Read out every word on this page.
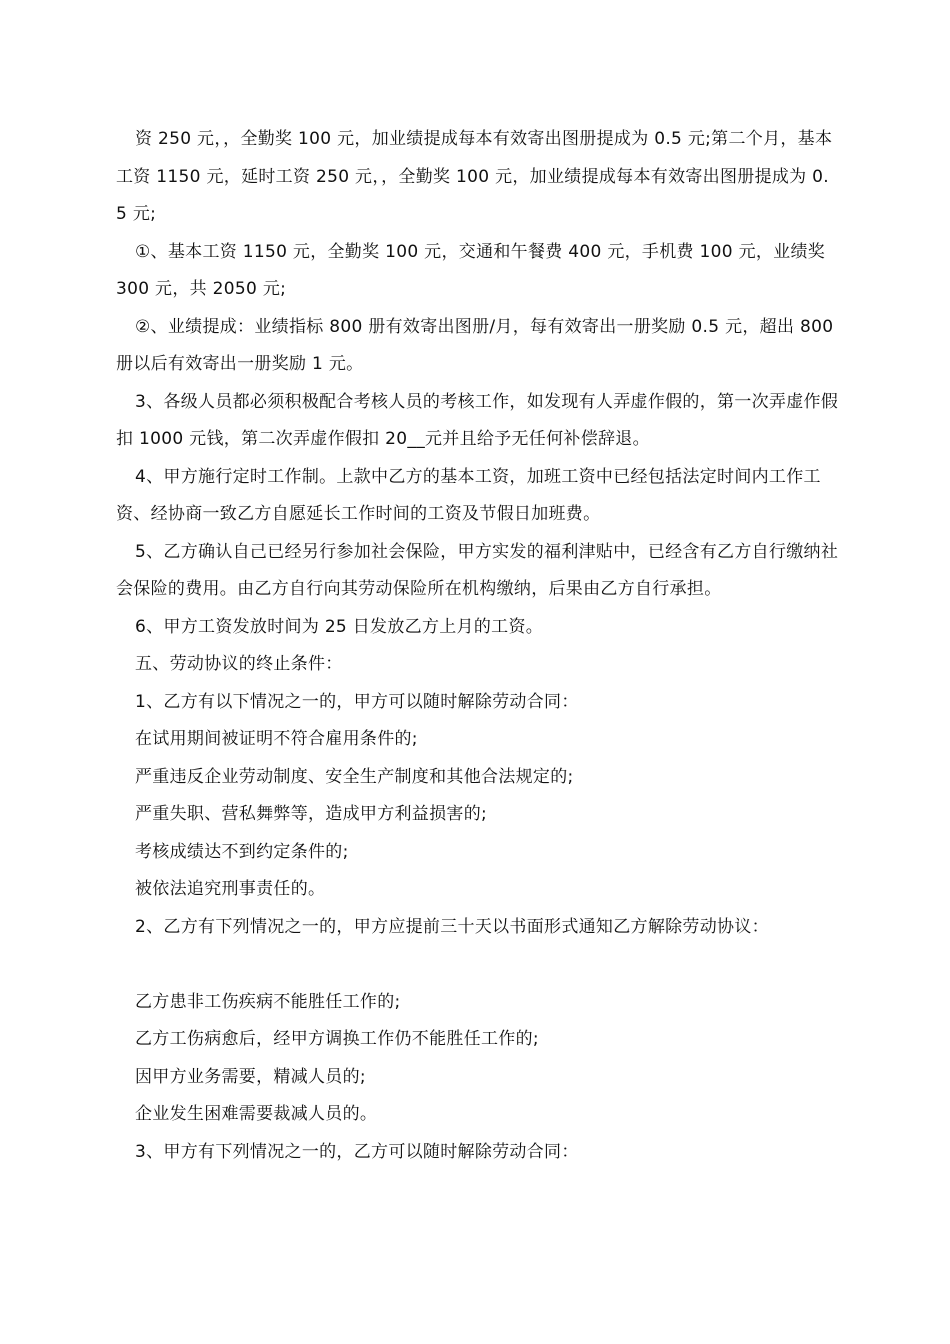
资 250 元，，全勤奖 100 元，加业绩提成每本有效寄出图册提成为 0.5 元;第二个月，基本工资 1150 元，延时工资 250 元，，全勤奖 100 元，加业绩提成每本有效寄出图册提成为 0.5 元;

①、基本工资 1150 元，全勤奖 100 元，交通和午餐费 400 元，手机费 100 元，业绩奖 300 元，共 2050 元;

②、业绩提成：业绩指标 800 册有效寄出图册/月，每有效寄出一册奖励 0.5 元，超出 800 册以后有效寄出一册奖励 1 元。

3、各级人员都必须积极配合考核人员的考核工作，如发现有人弄虚作假的，第一次弄虚作假扣 1000 元钱，第二次弄虚作假扣 20__元并且给予无任何补偿辞退。

4、甲方施行定时工作制。上款中乙方的基本工资，加班工资中已经包括法定时间内工作工资、经协商一致乙方自愿延长工作时间的工资及节假日加班费。

5、乙方确认自己已经另行参加社会保险，甲方实发的福利津贴中，已经含有乙方自行缴纳社会保险的费用。由乙方自行向其劳动保险所在机构缴纳，后果由乙方自行承担。

6、甲方工资发放时间为 25 日发放乙方上月的工资。

五、劳动协议的终止条件：

1、乙方有以下情况之一的，甲方可以随时解除劳动合同：

在试用期间被证明不符合雇用条件的;

严重违反企业劳动制度、安全生产制度和其他合法规定的;

严重失职、营私舞弊等，造成甲方利益损害的;

考核成绩达不到约定条件的;

被依法追究刑事责任的。

2、乙方有下列情况之一的，甲方应提前三十天以书面形式通知乙方解除劳动协议：

乙方患非工伤疾病不能胜任工作的;

乙方工伤病愈后，经甲方调换工作仍不能胜任工作的;

因甲方业务需要，精减人员的;

企业发生困难需要裁减人员的。

3、甲方有下列情况之一的，乙方可以随时解除劳动合同：
